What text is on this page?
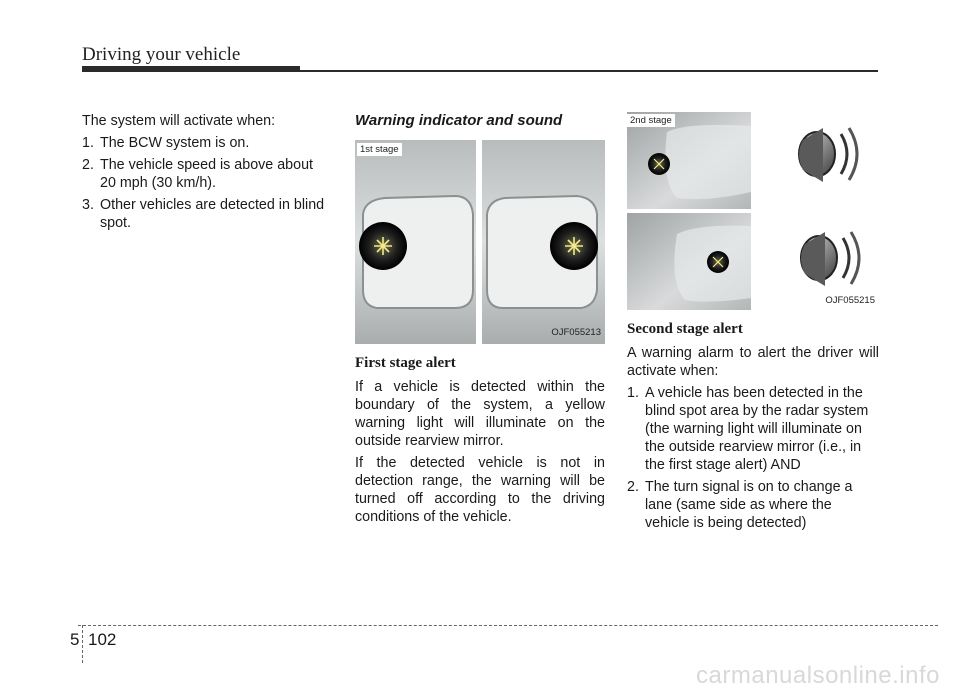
Driving your vehicle

The system will activate when:

1. The BCW system is on.
2. The vehicle speed is above about 20 mph (30 km/h).
3. Other vehicles are detected in blind spot.
Warning indicator and sound
1st stage
OJF055213
First stage alert

If a vehicle is detected within the boundary of the system, a yellow warning light will illuminate on the outside rearview mirror.

If the detected vehicle is not in detection range, the warning will be turned off according to the driving conditions of the vehicle.

2nd stage
OJF055215
Second stage alert

A warning alarm to alert the driver will activate when:

1. A vehicle has been detected in the blind spot area by the radar system (the warning light will illuminate on the outside rearview mirror (i.e., in the first stage alert) AND
2. The turn signal is on to change a lane (same side as where the vehicle is being detected)
5 102
carmanualsonline.info
